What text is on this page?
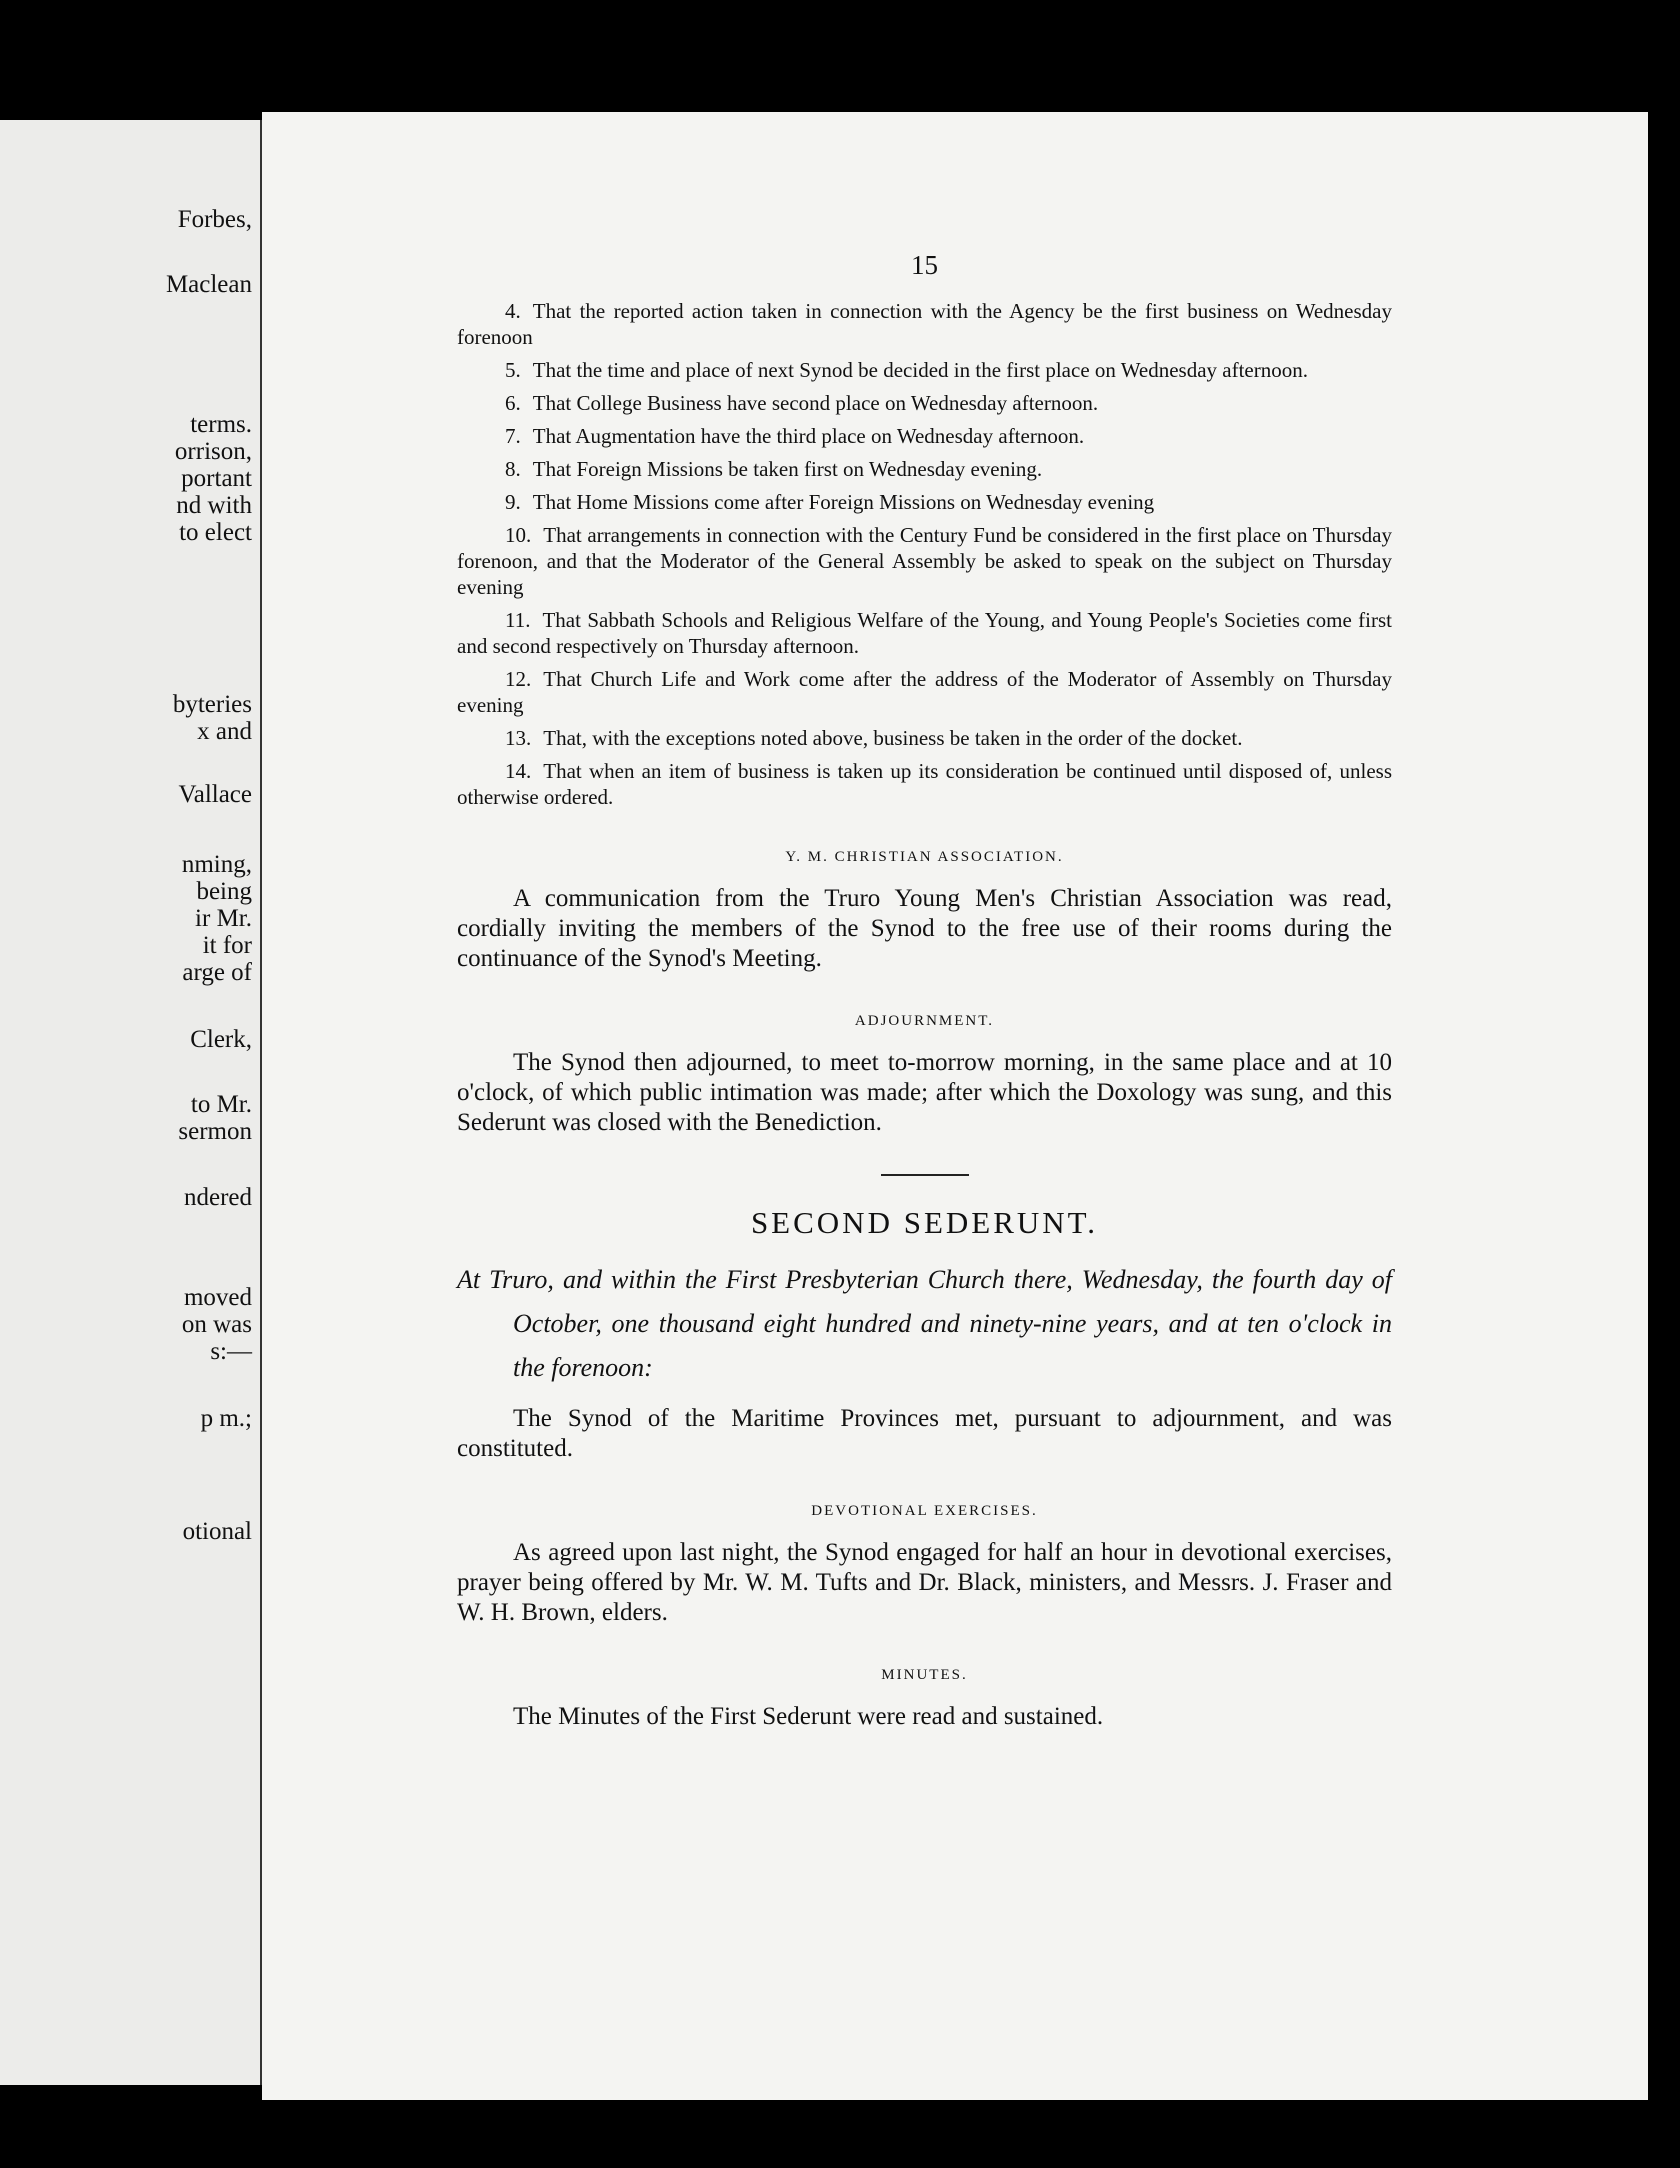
Forbes,
Maclean
terms.
orrison,
portant
nd with
to elect
byteries
x and
Vallace
nming,
being
ir Mr.
it for
arge of
Clerk,
to Mr.
sermon
ndered
moved
on was
s:—
p m.;
otional
15
4. That the reported action taken in connection with the Agency be the first business on Wednesday forenoon
5. That the time and place of next Synod be decided in the first place on Wednesday afternoon.
6. That College Business have second place on Wednesday afternoon.
7. That Augmentation have the third place on Wednesday afternoon.
8. That Foreign Missions be taken first on Wednesday evening.
9. That Home Missions come after Foreign Missions on Wednesday evening
10. That arrangements in connection with the Century Fund be considered in the first place on Thursday forenoon, and that the Moderator of the General Assembly be asked to speak on the subject on Thursday evening
11. That Sabbath Schools and Religious Welfare of the Young, and Young People's Societies come first and second respectively on Thursday afternoon.
12. That Church Life and Work come after the address of the Moderator of Assembly on Thursday evening
13. That, with the exceptions noted above, business be taken in the order of the docket.
14. That when an item of business is taken up its consideration be continued until disposed of, unless otherwise ordered.
Y. M. CHRISTIAN ASSOCIATION.

A communication from the Truro Young Men's Christian Association was read, cordially inviting the members of the Synod to the free use of their rooms during the continuance of the Synod's Meeting.

ADJOURNMENT.

The Synod then adjourned, to meet to-morrow morning, in the same place and at 10 o'clock, of which public intimation was made; after which the Doxology was sung, and this Sederunt was closed with the Benediction.

SECOND SEDERUNT.

At Truro, and within the First Presbyterian Church there, Wednesday, the fourth day of October, one thousand eight hundred and ninety-nine years, and at ten o'clock in the forenoon:

The Synod of the Maritime Provinces met, pursuant to adjournment, and was constituted.

DEVOTIONAL EXERCISES.

As agreed upon last night, the Synod engaged for half an hour in devotional exercises, prayer being offered by Mr. W. M. Tufts and Dr. Black, ministers, and Messrs. J. Fraser and W. H. Brown, elders.

MINUTES.

The Minutes of the First Sederunt were read and sustained.
